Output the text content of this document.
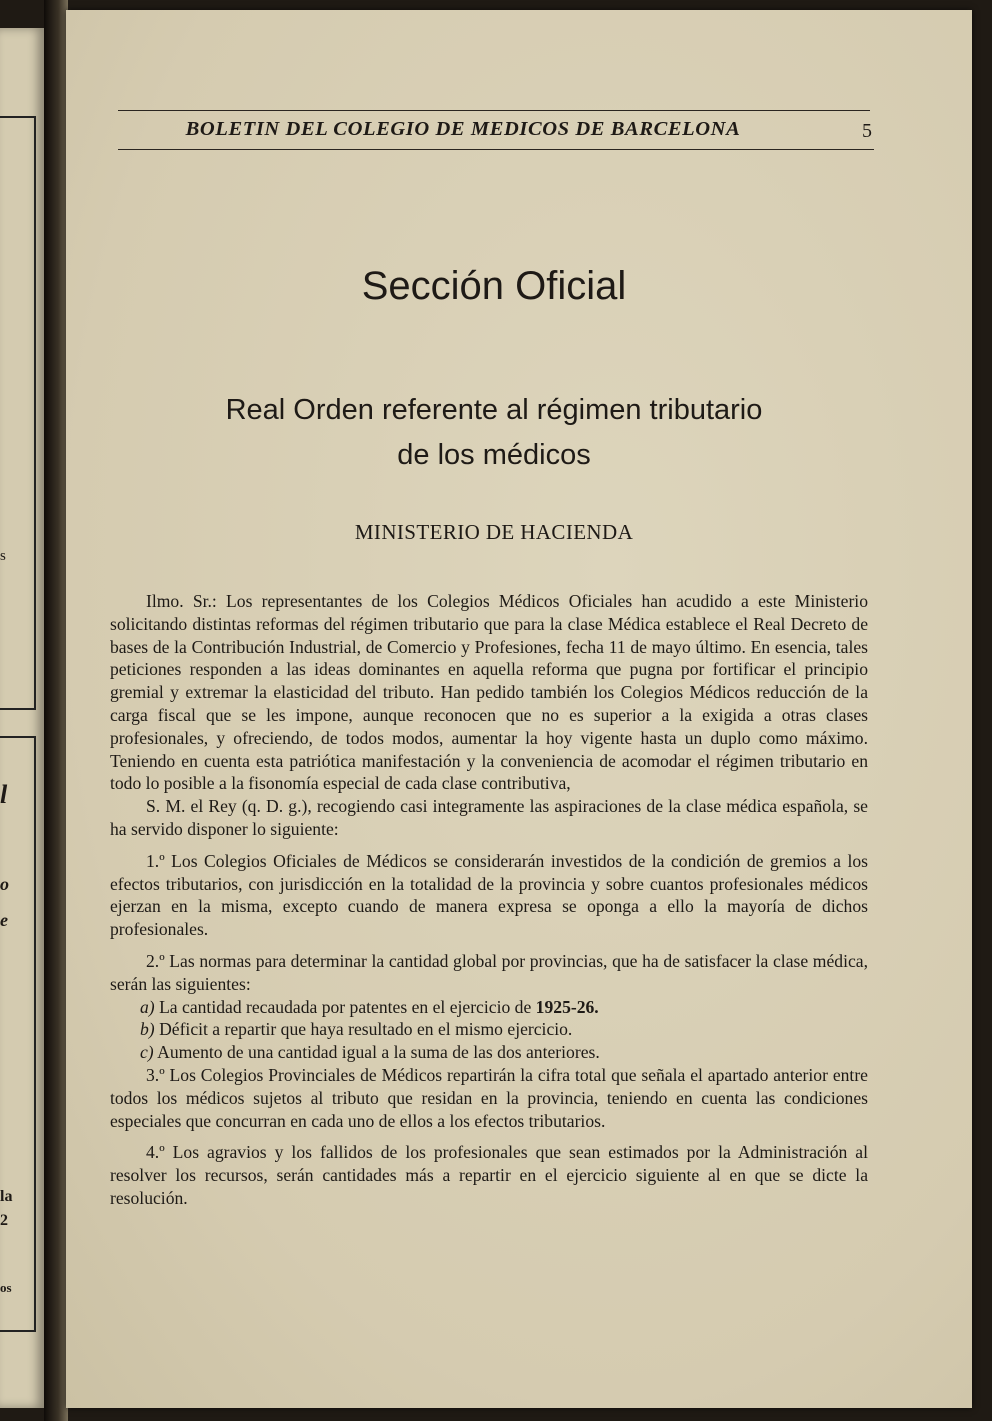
s
l
o
e
la
2
os
BOLETIN DEL COLEGIO DE MEDICOS DE BARCELONA	5
Sección Oficial
Real Orden referente al régimen tributario
de los médicos
MINISTERIO DE HACIENDA

Ilmo. Sr.: Los representantes de los Colegios Médicos Oficiales han acudido a este Ministerio solicitando distintas reformas del régimen tributario que para la clase Médica establece el Real Decreto de bases de la Contribución Industrial, de Comercio y Profesiones, fecha 11 de mayo último. En esencia, tales peticiones responden a las ideas dominantes en aquella reforma que pugna por fortificar el principio gremial y extremar la elasticidad del tributo. Han pedido también los Colegios Médicos reducción de la carga fiscal que se les impone, aunque reconocen que no es superior a la exigida a otras clases profesionales, y ofreciendo, de todos modos, aumentar la hoy vigente hasta un duplo como máximo. Teniendo en cuenta esta patriótica manifestación y la conveniencia de acomodar el régimen tributario en todo lo posible a la fisonomía especial de cada clase contributiva,

S. M. el Rey (q. D. g.), recogiendo casi integramente las aspiraciones de la clase médica española, se ha servido disponer lo siguiente:

1.º Los Colegios Oficiales de Médicos se considerarán investidos de la condición de gremios a los efectos tributarios, con jurisdicción en la totalidad de la provincia y sobre cuantos profesionales médicos ejerzan en la misma, excepto cuando de manera expresa se oponga a ello la mayoría de dichos profesionales.

2.º Las normas para determinar la cantidad global por provincias, que ha de satisfacer la clase médica, serán las siguientes:

a) La cantidad recaudada por patentes en el ejercicio de 1925-26.

b) Déficit a repartir que haya resultado en el mismo ejercicio.

c) Aumento de una cantidad igual a la suma de las dos anteriores.

3.º Los Colegios Provinciales de Médicos repartirán la cifra total que señala el apartado anterior entre todos los médicos sujetos al tributo que residan en la provincia, teniendo en cuenta las condiciones especiales que concurran en cada uno de ellos a los efectos tributarios.

4.º Los agravios y los fallidos de los profesionales que sean estimados por la Administración al resolver los recursos, serán cantidades más a repartir en el ejercicio siguiente al en que se dicte la resolución.
